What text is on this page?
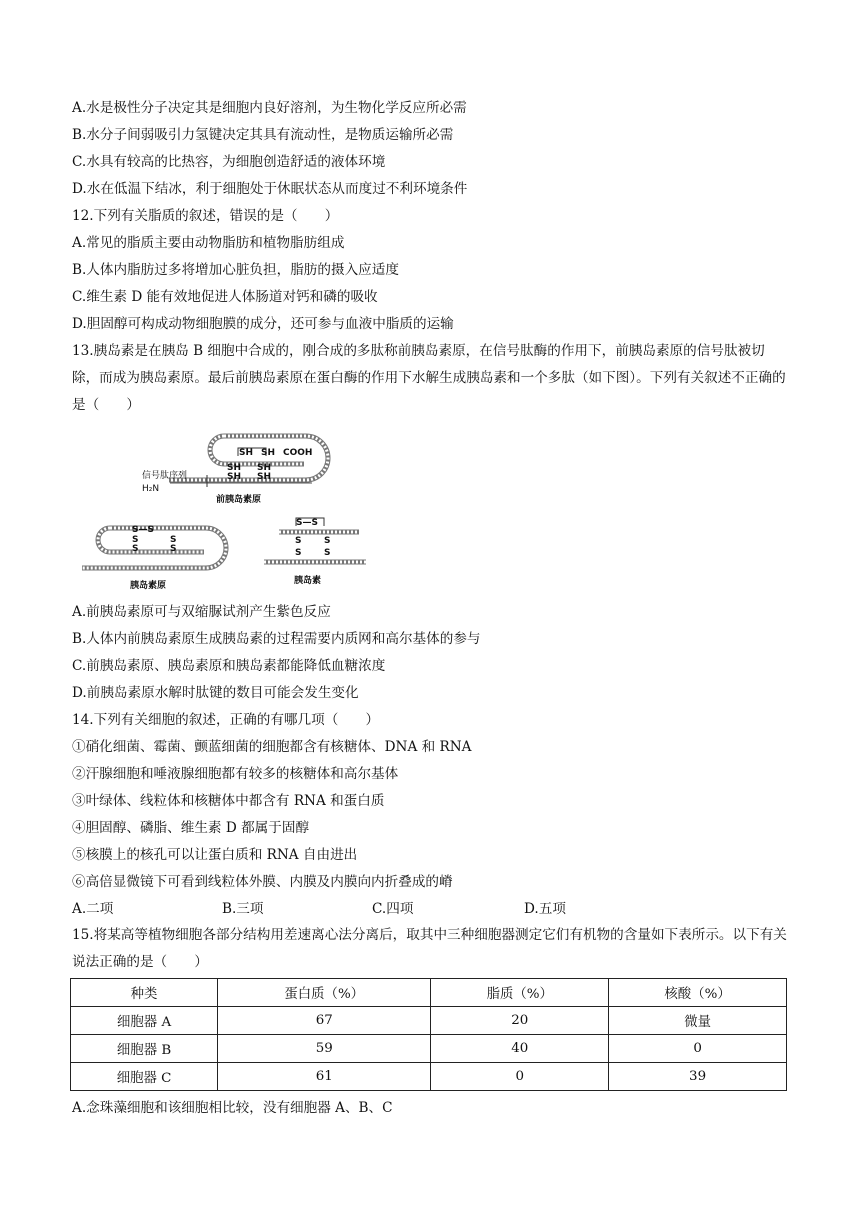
A.水是极性分子决定其是细胞内良好溶剂，为生物化学反应所必需
B.水分子间弱吸引力氢键决定其具有流动性，是物质运输所必需
C.水具有较高的比热容，为细胞创造舒适的液体环境
D.水在低温下结冰，利于细胞处于休眠状态从而度过不利环境条件
12.下列有关脂质的叙述，错误的是（　　）
A.常见的脂质主要由动物脂肪和植物脂肪组成
B.人体内脂肪过多将增加心脏负担，脂肪的摄入应适度
C.维生素 D 能有效地促进人体肠道对钙和磷的吸收
D.胆固醇可构成动物细胞膜的成分，还可参与血液中脂质的运输
13.胰岛素是在胰岛 B 细胞中合成的，刚合成的多肽称前胰岛素原，在信号肽酶的作用下，前胰岛素原的信号肽被切除，而成为胰岛素原。最后前胰岛素原在蛋白酶的作用下水解生成胰岛素和一个多肽（如下图）。下列有关叙述不正确的是（　　）
SH SH
SH
SH
SH
SH
COOH
信号肽序列
H₂N
前胰岛素原
S—S
S
S
S
S
胰岛素原
S—S
S
S
S
S
胰岛素
A.前胰岛素原可与双缩脲试剂产生紫色反应
B.人体内前胰岛素原生成胰岛素的过程需要内质网和高尔基体的参与
C.前胰岛素原、胰岛素原和胰岛素都能降低血糖浓度
D.前胰岛素原水解时肽键的数目可能会发生变化
14.下列有关细胞的叙述，正确的有哪几项（　　）
①硝化细菌、霉菌、颤蓝细菌的细胞都含有核糖体、DNA 和 RNA
②汗腺细胞和唾液腺细胞都有较多的核糖体和高尔基体
③叶绿体、线粒体和核糖体中都含有 RNA 和蛋白质
④胆固醇、磷脂、维生素 D 都属于固醇
⑤核膜上的核孔可以让蛋白质和 RNA 自由进出
⑥高倍显微镜下可看到线粒体外膜、内膜及内膜向内折叠成的嵴
A.二项	B.三项	C.四项	D.五项
15.将某高等植物细胞各部分结构用差速离心法分离后，取其中三种细胞器测定它们有机物的含量如下表所示。以下有关说法正确的是（　　）
种类	蛋白质（%）	脂质（%）	核酸（%）
细胞器 A	67	20	微量
细胞器 B	59	40	0
细胞器 C	61	0	39
A.念珠藻细胞和该细胞相比较，没有细胞器 A、B、C
